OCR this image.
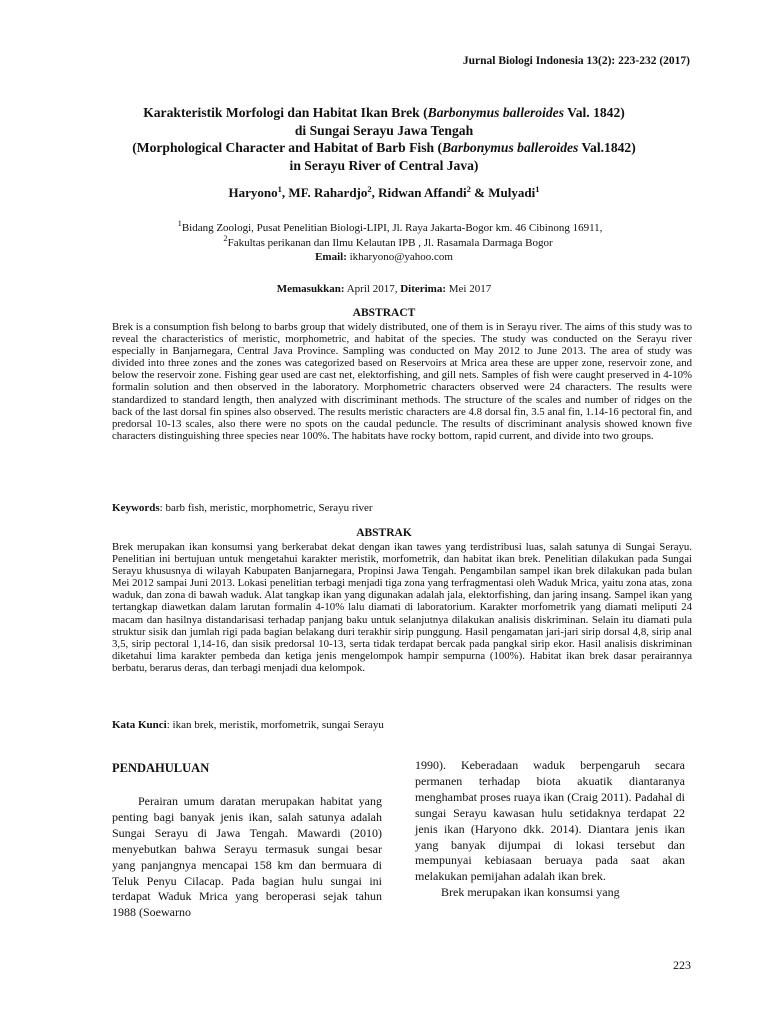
Jurnal Biologi Indonesia 13(2): 223-232 (2017)
Karakteristik Morfologi dan Habitat Ikan Brek (Barbonymus balleroides Val. 1842)
di Sungai Serayu Jawa Tengah
(Morphological Character and Habitat of Barb Fish (Barbonymus balleroides Val.1842)
in Serayu River of Central Java)
Haryono$^1$, MF. Rahardjo$^2$, Ridwan Affandi$^2$ & Mulyadi$^1$
$^1$Bidang Zoologi, Pusat Penelitian Biologi-LIPI, Jl. Raya Jakarta-Bogor km. 46 Cibinong 16911,
$^2$Fakultas perikanan dan Ilmu Kelautan IPB , Jl. Rasamala Darmaga Bogor
Email: ikharyono@yahoo.com
Memasukkan: April 2017, Diterima: Mei 2017
ABSTRACT
Brek is a consumption fish belong to barbs group that widely distributed, one of them is in Serayu river. The aims of this study was to reveal the characteristics of meristic, morphometric, and habitat of the species. The study was conducted on the Serayu river especially in Banjarnegara, Central Java Province. Sampling was conducted on May 2012 to June 2013. The area of study was divided into three zones and the zones was categorized based on Reservoirs at Mrica area these are upper zone, reservoir zone, and below the reservoir zone. Fishing gear used are cast net, elektorfishing, and gill nets. Samples of fish were caught preserved in 4-10% formalin solution and then observed in the laboratory. Morphometric characters observed were 24 characters. The results were standardized to standard length, then analyzed with discriminant methods. The structure of the scales and number of ridges on the back of the last dorsal fin spines also observed. The results meristic characters are 4.8 dorsal fin, 3.5 anal fin, 1.14-16 pectoral fin, and predorsal 10-13 scales, also there were no spots on the caudal peduncle. The results of discriminant analysis showed known five characters distinguishing three species near 100%. The habitats have rocky bottom, rapid current, and divide into two groups.
Keywords: barb fish, meristic, morphometric, Serayu river
ABSTRAK
Brek merupakan ikan konsumsi yang berkerabat dekat dengan ikan tawes yang terdistribusi luas, salah satunya di Sungai Serayu. Penelitian ini bertujuan untuk mengetahui karakter meristik, morfometrik, dan habitat ikan brek. Penelitian dilakukan pada Sungai Serayu khususnya di wilayah Kabupaten Banjarnegara, Propinsi Jawa Tengah. Pengambilan sampel ikan brek dilakukan pada bulan Mei 2012 sampai Juni 2013. Lokasi penelitian terbagi menjadi tiga zona yang terfragmentasi oleh Waduk Mrica, yaitu zona atas, zona waduk, dan zona di bawah waduk. Alat tangkap ikan yang digunakan adalah jala, elektorfishing, dan jaring insang. Sampel ikan yang tertangkap diawetkan dalam larutan formalin 4-10% lalu diamati di laboratorium. Karakter morfometrik yang diamati meliputi 24 macam dan hasilnya distandarisasi terhadap panjang baku untuk selanjutnya dilakukan analisis diskriminan. Selain itu diamati pula struktur sisik dan jumlah rigi pada bagian belakang duri terakhir sirip punggung. Hasil pengamatan jari-jari sirip dorsal 4,8, sirip anal 3,5, sirip pectoral 1,14-16, dan sisik predorsal 10-13, serta tidak terdapat bercak pada pangkal sirip ekor. Hasil analisis diskriminan diketahui lima karakter pembeda dan ketiga jenis mengelompok hampir sempurna (100%). Habitat ikan brek dasar perairannya berbatu, berarus deras, dan terbagi menjadi dua kelompok.
Kata Kunci: ikan brek, meristik, morfometrik, sungai Serayu
PENDAHULUAN

Perairan umum daratan merupakan habitat yang penting bagi banyak jenis ikan, salah satunya adalah Sungai Serayu di Jawa Tengah. Mawardi (2010) menyebutkan bahwa Serayu termasuk sungai besar yang panjangnya mencapai 158 km dan bermuara di Teluk Penyu Cilacap. Pada bagian hulu sungai ini terdapat Waduk Mrica yang beroperasi sejak tahun 1988 (Soewarno

1990). Keberadaan waduk berpengaruh secara permanen terhadap biota akuatik diantaranya menghambat proses ruaya ikan (Craig 2011). Padahal di sungai Serayu kawasan hulu setidaknya terdapat 22 jenis ikan (Haryono dkk. 2014). Diantara jenis ikan yang banyak dijumpai di lokasi tersebut dan mempunyai kebiasaan beruaya pada saat akan melakukan pemijahan adalah ikan brek.

Brek merupakan ikan konsumsi yang

223
